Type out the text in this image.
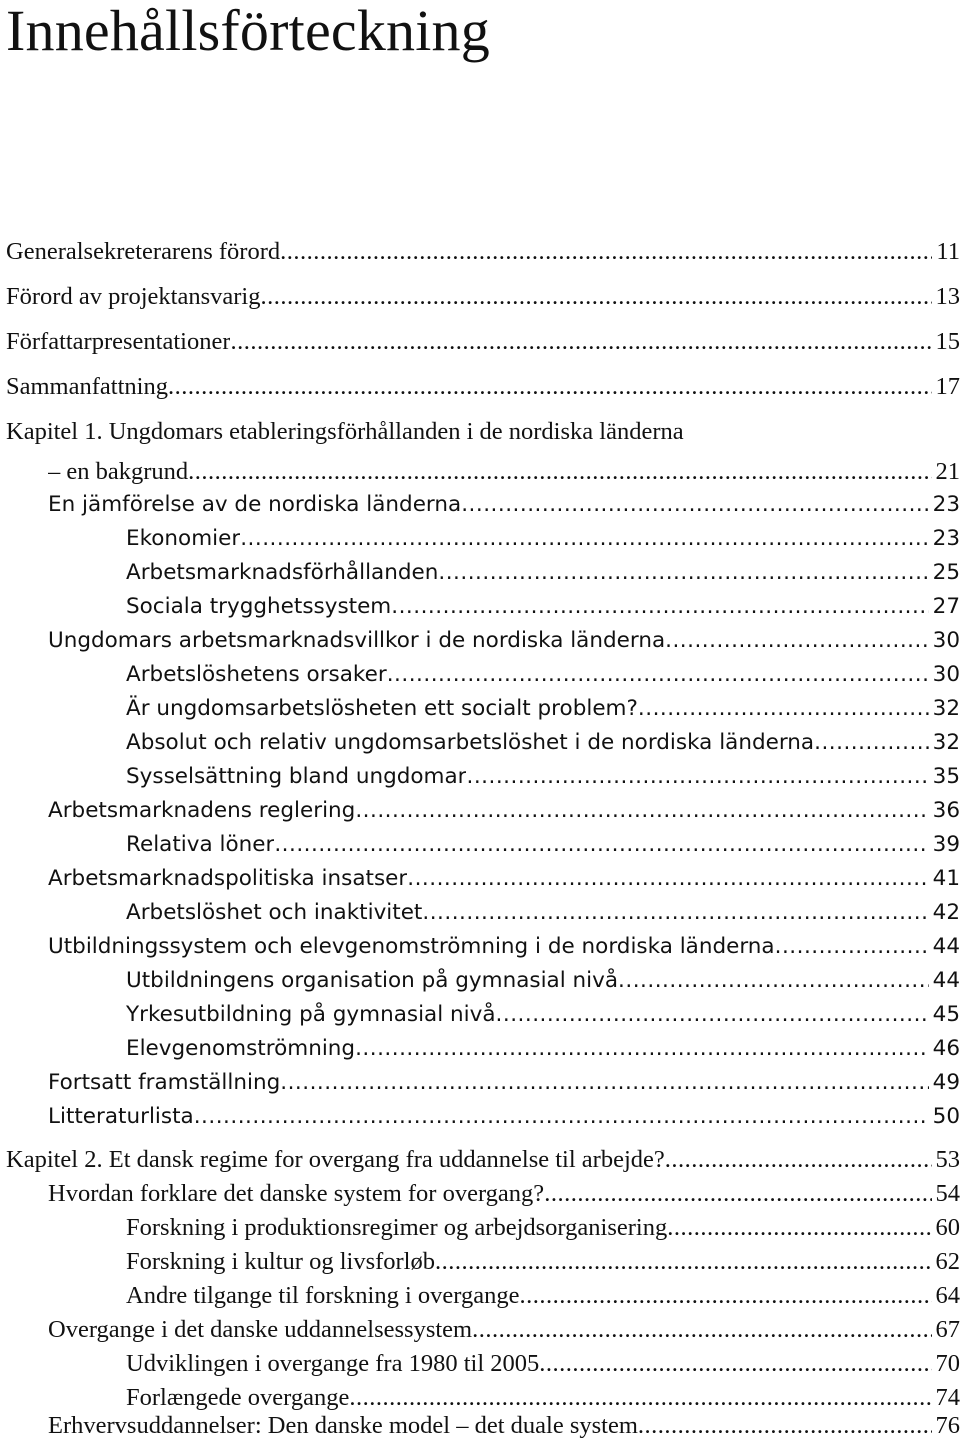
Innehållsförteckning
Generalsekreterarens förord .....	11
Förord av projektansvarig .....	13
Författarpresentationer .....	15
Sammanfattning .....	17
Kapitel 1. Ungdomars etableringsförhållanden i de nordiska länderna
– en bakgrund .....	21
En jämförelse av de nordiska länderna .....	23
Ekonomier .....	23
Arbetsmarknadsförhållanden .....	25
Sociala trygghetssystem .....	27
Ungdomars arbetsmarknadsvillkor i de nordiska länderna .....	30
Arbetslöshetens orsaker .....	30
Är ungdomsarbetslösheten ett socialt problem? .....	32
Absolut och relativ ungdomsarbetslöshet i de nordiska länderna .....	32
Sysselsättning bland ungdomar .....	35
Arbetsmarknadens reglering .....	36
Relativa löner .....	39
Arbetsmarknadspolitiska insatser .....	41
Arbetslöshet och inaktivitet .....	42
Utbildningssystem och elevgenomströmning i de nordiska länderna .....	44
Utbildningens organisation på gymnasial nivå .....	44
Yrkesutbildning på gymnasial nivå .....	45
Elevgenomströmning .....	46
Fortsatt framställning .....	49
Litteraturlista .....	50
Kapitel 2. Et dansk regime for overgang fra uddannelse til arbejde? .....	53
Hvordan forklare det danske system for overgang? .....	54
Forskning i produktionsregimer og arbejdsorganisering .....	60
Forskning i kultur og livsforløb .....	62
Andre tilgange til forskning i overgange .....	64
Overgange i det danske uddannelsessystem .....	67
Udviklingen i overgange fra 1980 til 2005 .....	70
Forlængede overgange .....	74
Erhvervsuddannelser: Den danske model – det duale system .....	76
